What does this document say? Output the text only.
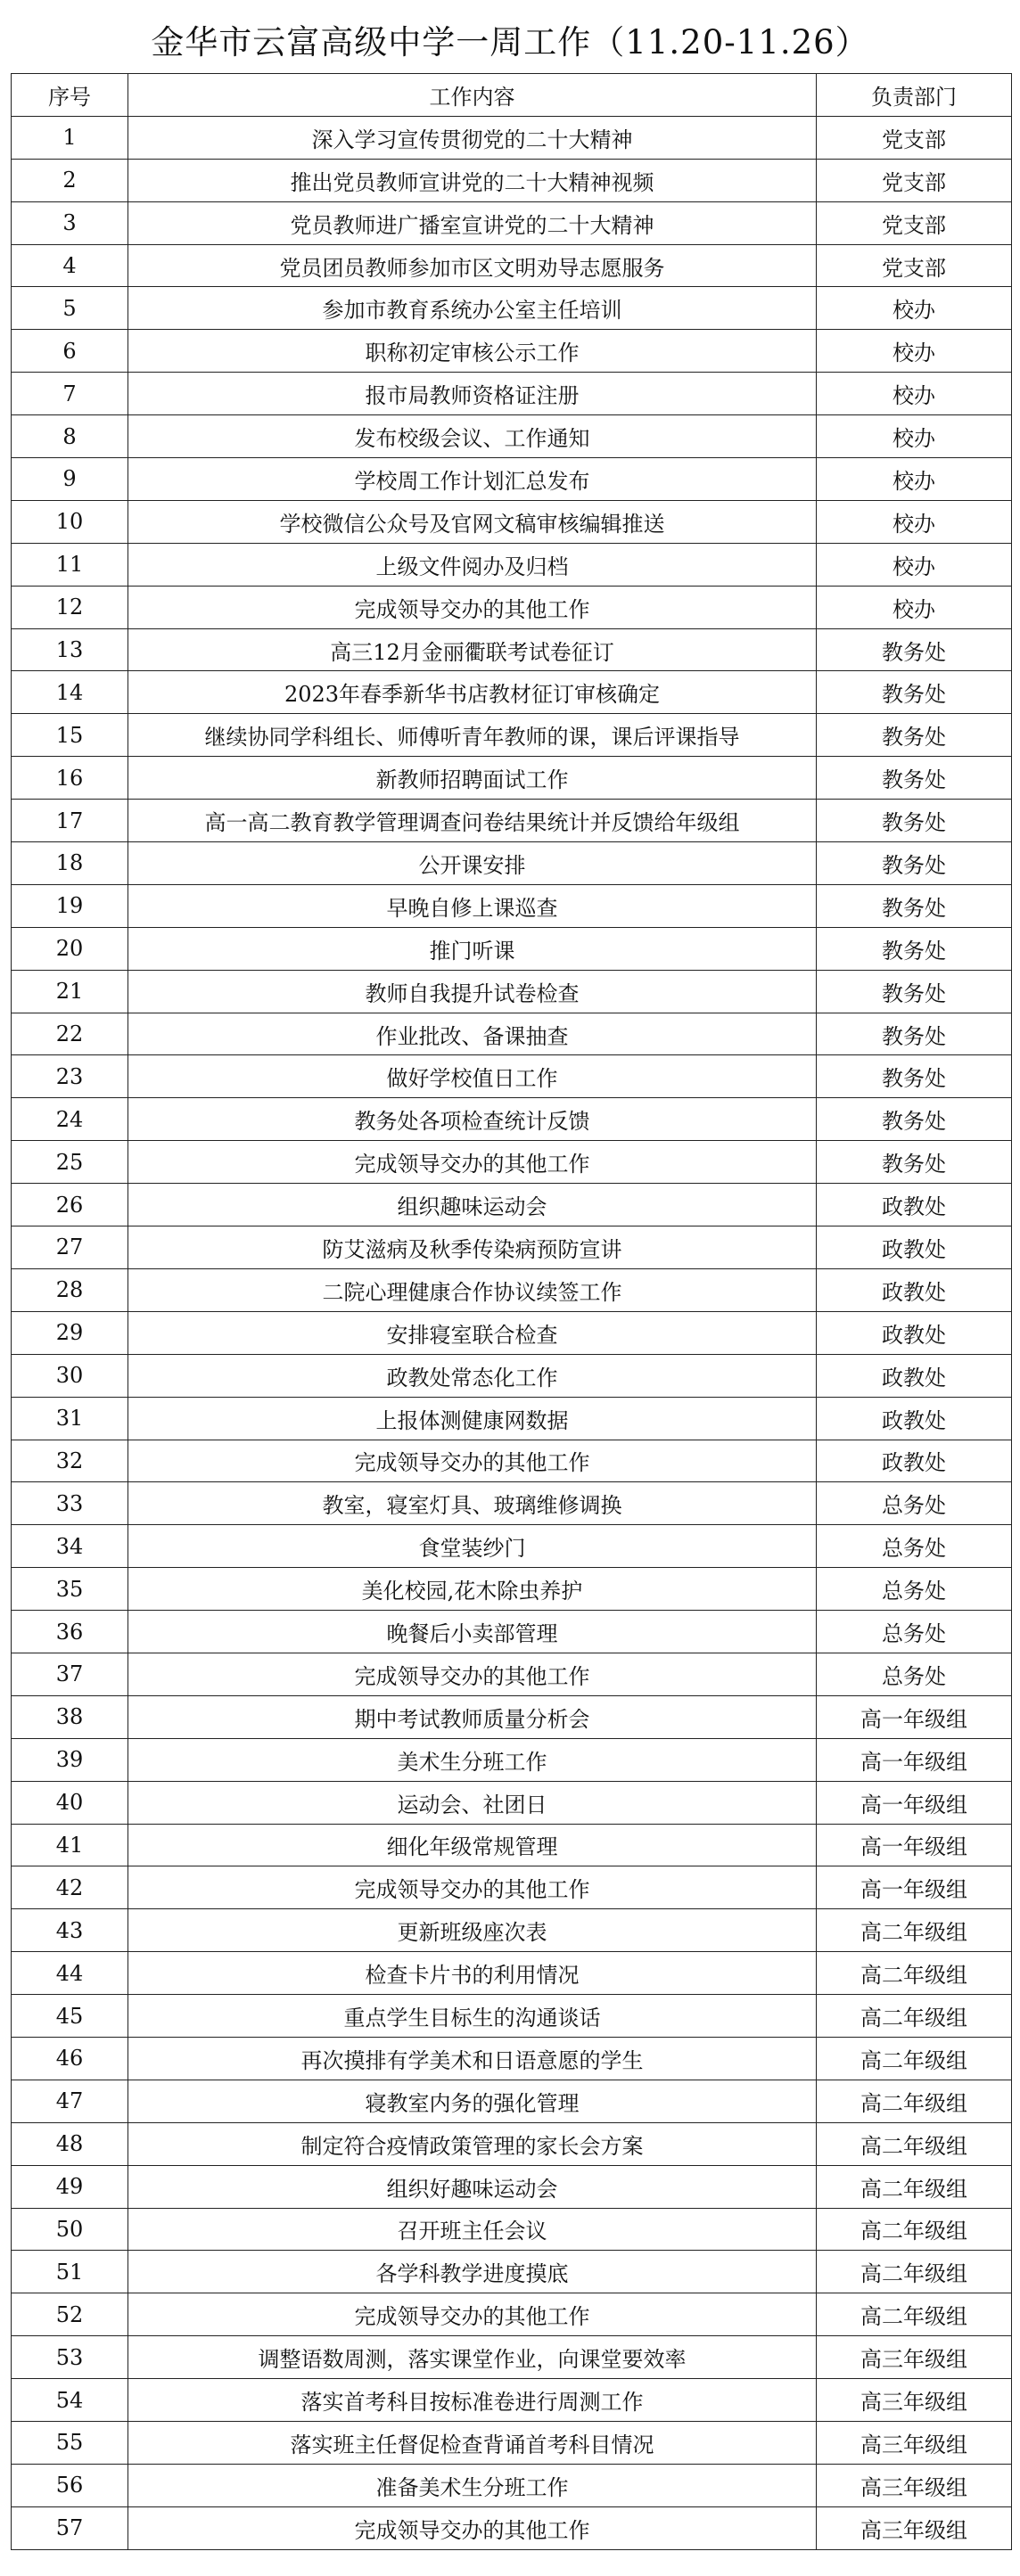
金华市云富高级中学一周工作（11.20-11.26）
序号	工作内容	负责部门
1	深入学习宣传贯彻党的二十大精神	党支部
2	推出党员教师宣讲党的二十大精神视频	党支部
3	党员教师进广播室宣讲党的二十大精神	党支部
4	党员团员教师参加市区文明劝导志愿服务	党支部
5	参加市教育系统办公室主任培训	校办
6	职称初定审核公示工作	校办
7	报市局教师资格证注册	校办
8	发布校级会议、工作通知	校办
9	学校周工作计划汇总发布	校办
10	学校微信公众号及官网文稿审核编辑推送	校办
11	上级文件阅办及归档	校办
12	完成领导交办的其他工作	校办
13	高三12月金丽衢联考试卷征订	教务处
14	2023年春季新华书店教材征订审核确定	教务处
15	继续协同学科组长、师傅听青年教师的课，课后评课指导	教务处
16	新教师招聘面试工作	教务处
17	高一高二教育教学管理调查问卷结果统计并反馈给年级组	教务处
18	公开课安排	教务处
19	早晚自修上课巡查	教务处
20	推门听课	教务处
21	教师自我提升试卷检查	教务处
22	作业批改、备课抽查	教务处
23	做好学校值日工作	教务处
24	教务处各项检查统计反馈	教务处
25	完成领导交办的其他工作	教务处
26	组织趣味运动会	政教处
27	防艾滋病及秋季传染病预防宣讲	政教处
28	二院心理健康合作协议续签工作	政教处
29	安排寝室联合检查	政教处
30	政教处常态化工作	政教处
31	上报体测健康网数据	政教处
32	完成领导交办的其他工作	政教处
33	教室，寝室灯具、玻璃维修调换	总务处
34	食堂装纱门	总务处
35	美化校园,花木除虫养护	总务处
36	晚餐后小卖部管理	总务处
37	完成领导交办的其他工作	总务处
38	期中考试教师质量分析会	高一年级组
39	美术生分班工作	高一年级组
40	运动会、社团日	高一年级组
41	细化年级常规管理	高一年级组
42	完成领导交办的其他工作	高一年级组
43	更新班级座次表	高二年级组
44	检查卡片书的利用情况	高二年级组
45	重点学生目标生的沟通谈话	高二年级组
46	再次摸排有学美术和日语意愿的学生	高二年级组
47	寝教室内务的强化管理	高二年级组
48	制定符合疫情政策管理的家长会方案	高二年级组
49	组织好趣味运动会	高二年级组
50	召开班主任会议	高二年级组
51	各学科教学进度摸底	高二年级组
52	完成领导交办的其他工作	高二年级组
53	调整语数周测，落实课堂作业，向课堂要效率	高三年级组
54	落实首考科目按标准卷进行周测工作	高三年级组
55	落实班主任督促检查背诵首考科目情况	高三年级组
56	准备美术生分班工作	高三年级组
57	完成领导交办的其他工作	高三年级组
